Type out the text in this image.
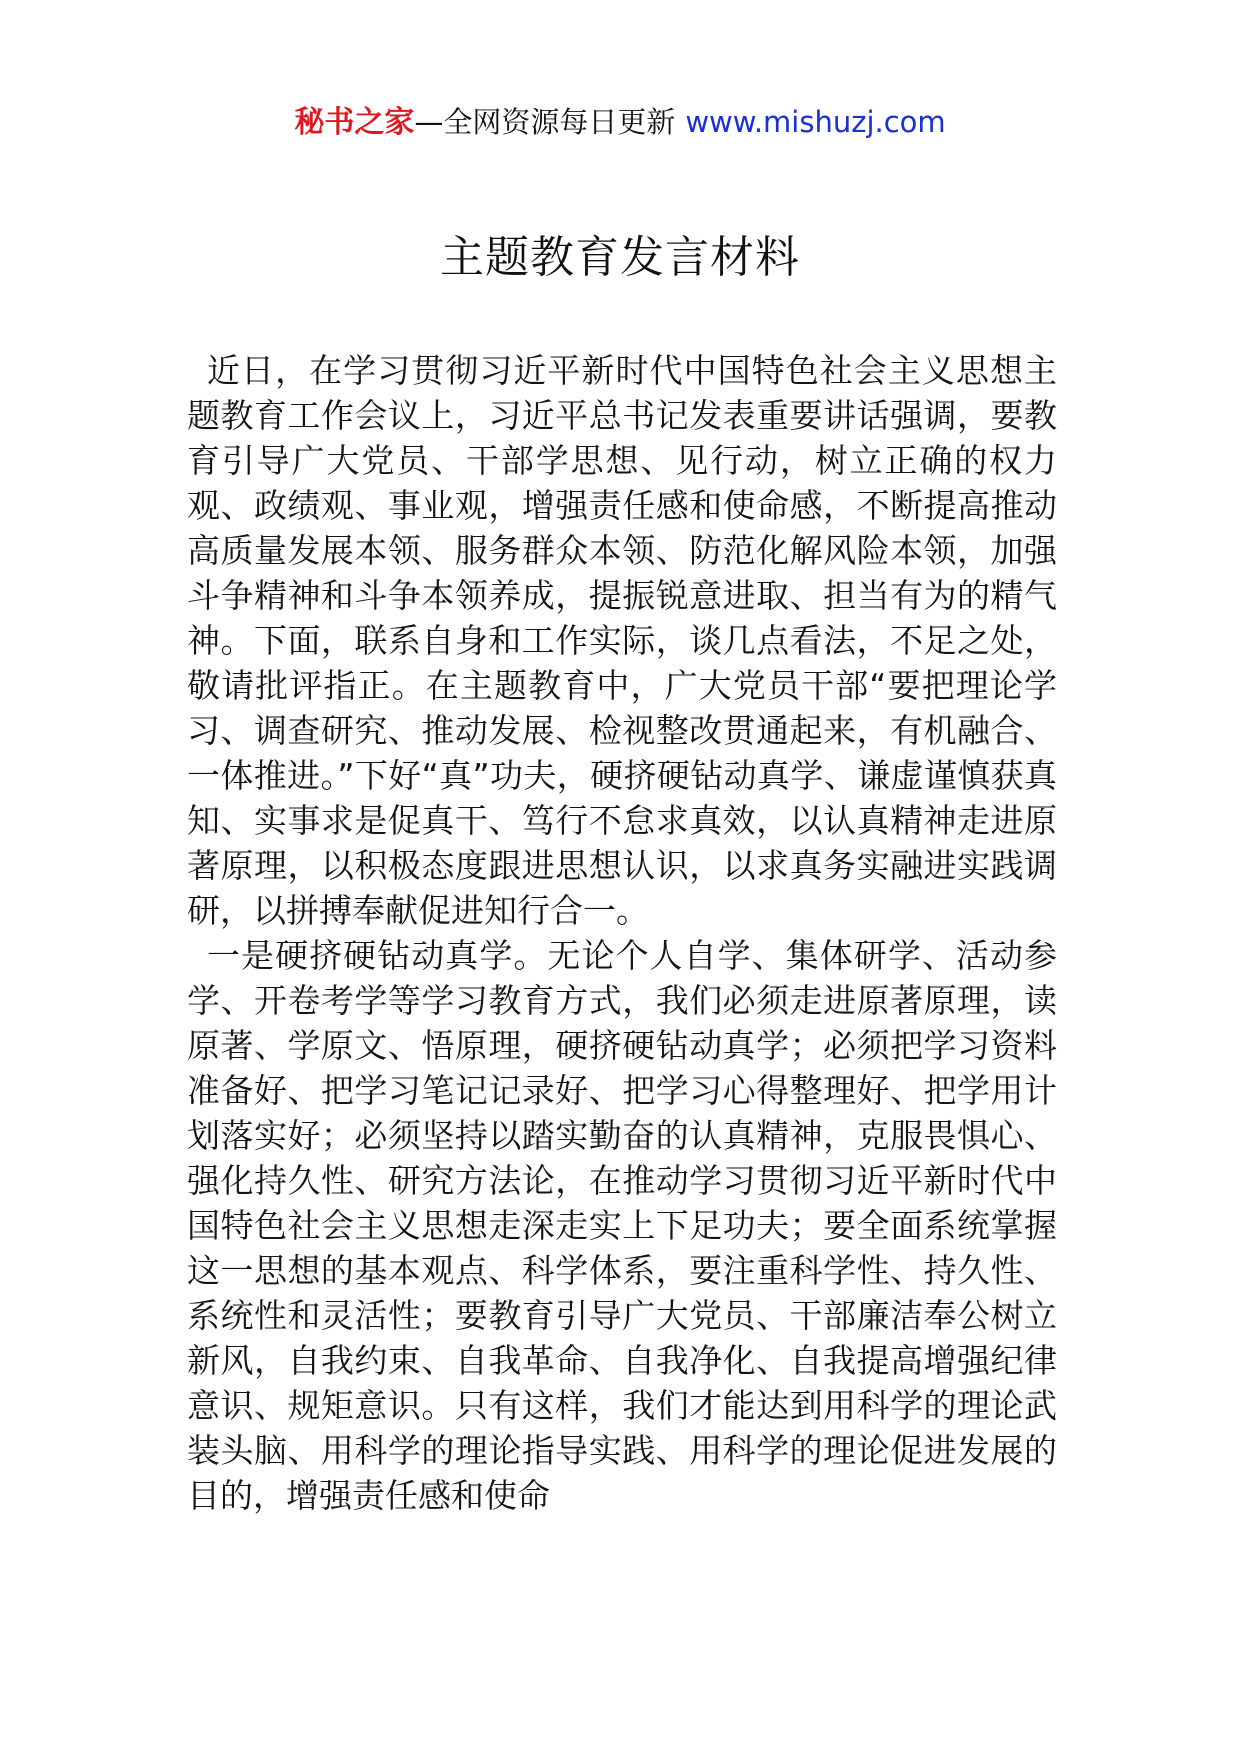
秘书之家—全网资源每日更新 www.mishuzj.com
主题教育发言材料

近日，在学习贯彻习近平新时代中国特色社会主义思想主题教育工作会议上，习近平总书记发表重要讲话强调，要教育引导广大党员、干部学思想、见行动，树立正确的权力观、政绩观、事业观，增强责任感和使命感，不断提高推动高质量发展本领、服务群众本领、防范化解风险本领，加强斗争精神和斗争本领养成，提振锐意进取、担当有为的精气神。下面，联系自身和工作实际，谈几点看法，不足之处，敬请批评指正。在主题教育中，广大党员干部“要把理论学习、调查研究、推动发展、检视整改贯通起来，有机融合、一体推进。”下好“真”功夫，硬挤硬钻动真学、谦虚谨慎获真知、实事求是促真干、笃行不怠求真效，以认真精神走进原著原理，以积极态度跟进思想认识，以求真务实融进实践调研，以拼搏奉献促进知行合一。

一是硬挤硬钻动真学。无论个人自学、集体研学、活动参学、开卷考学等学习教育方式，我们必须走进原著原理，读原著、学原文、悟原理，硬挤硬钻动真学；必须把学习资料准备好、把学习笔记记录好、把学习心得整理好、把学用计划落实好；必须坚持以踏实勤奋的认真精神，克服畏惧心、强化持久性、研究方法论，在推动学习贯彻习近平新时代中国特色社会主义思想走深走实上下足功夫；要全面系统掌握这一思想的基本观点、科学体系，要注重科学性、持久性、系统性和灵活性；要教育引导广大党员、干部廉洁奉公树立新风，自我约束、自我革命、自我净化、自我提高增强纪律意识、规矩意识。只有这样，我们才能达到用科学的理论武装头脑、用科学的理论指导实践、用科学的理论促进发展的目的，增强责任感和使命
